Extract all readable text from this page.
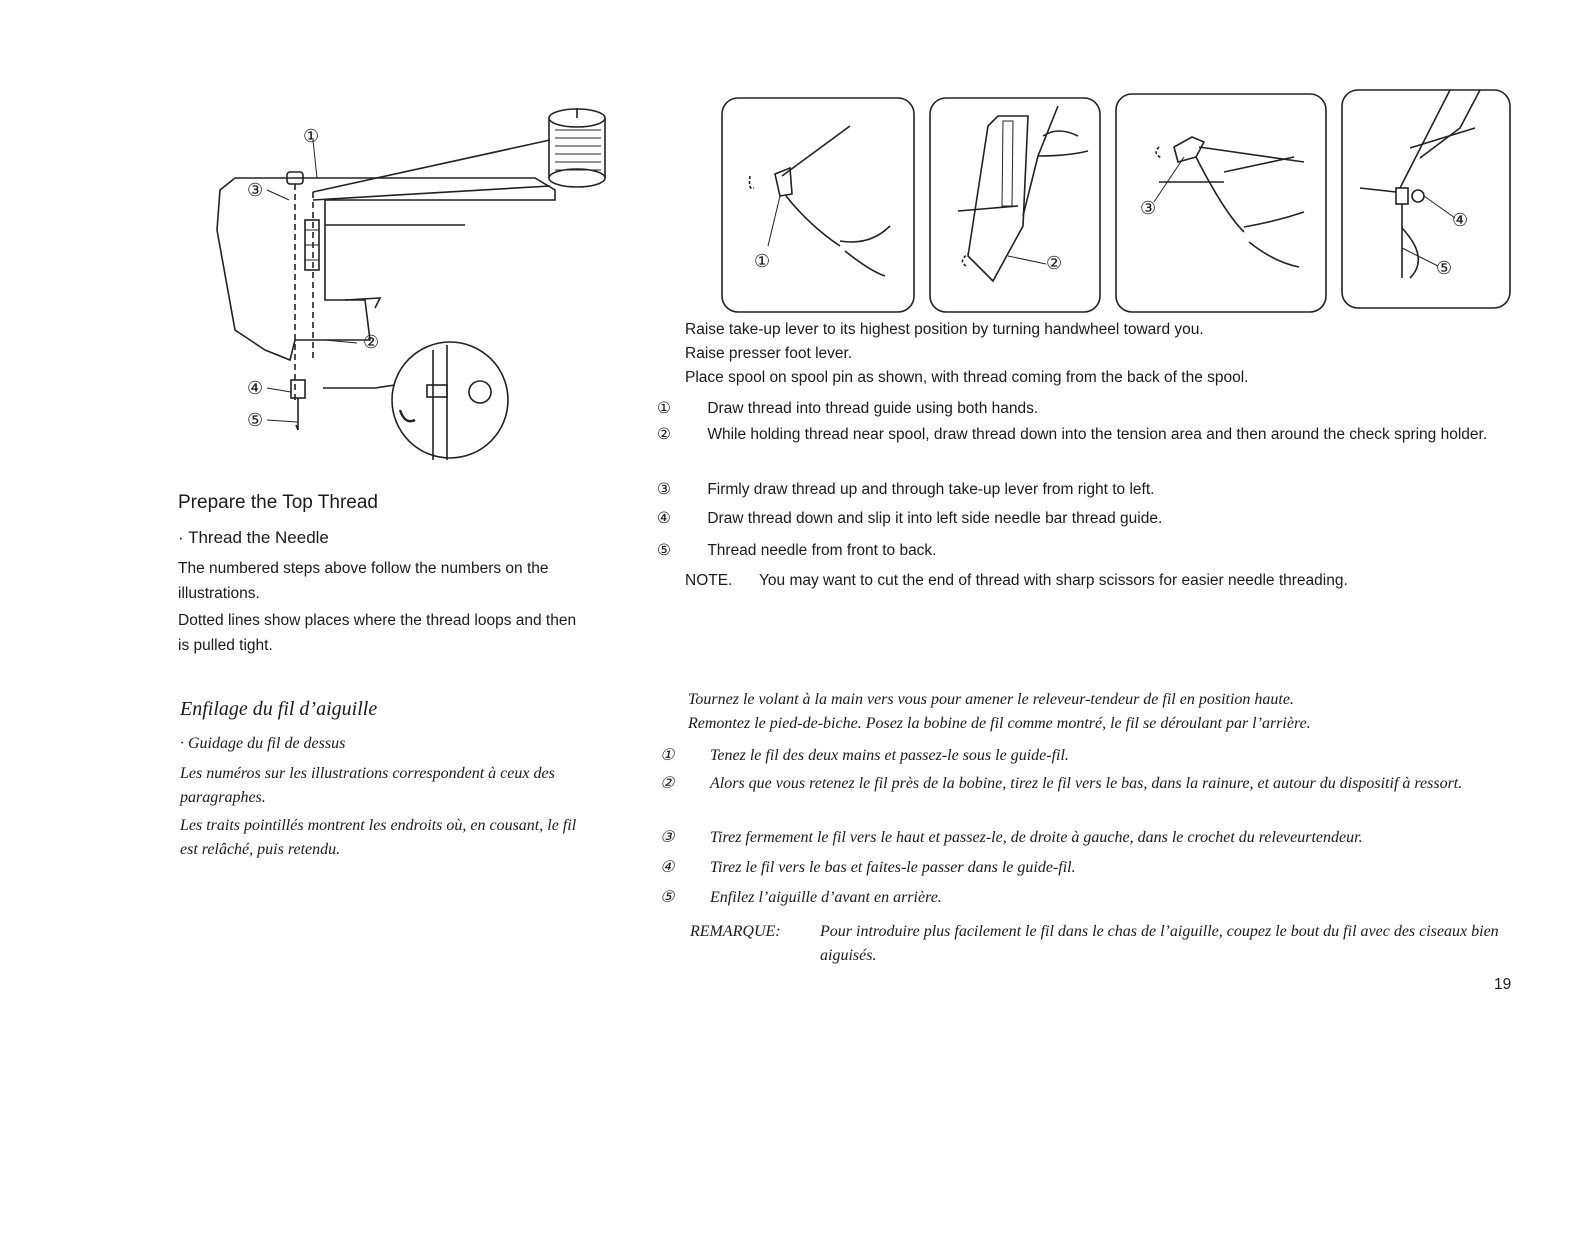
①
③
②
④
⑤
①	②
③
④
⑤
Prepare the Top Thread
· Thread the Needle
The numbered steps above follow the numbers on the illustrations.
Dotted lines show places where the thread loops and then is pulled tight.
Raise take-up lever to its highest position by turning handwheel toward you.
Raise presser foot lever.
Place spool on spool pin as shown, with thread coming from the back of the spool.
① Draw thread into thread guide using both hands.
② While holding thread near spool, draw thread down into the tension area and then around the check spring holder.
③ Firmly draw thread up and through take-up lever from right to left.
④ Draw thread down and slip it into left side needle bar thread guide.
⑤ Thread needle from front to back.
NOTE.	You may want to cut the end of thread with sharp scissors for easier needle threading.
Enfilage du fil d’aiguille
· Guidage du fil de dessus
Les numéros sur les illustrations correspondent à ceux des paragraphes.
Les traits pointillés montrent les endroits où, en cousant, le fil est relâché, puis retendu.
Tournez le volant à la main vers vous pour amener le releveur-tendeur de fil en position haute.
Remontez le pied-de-biche. Posez la bobine de fil comme montré, le fil se déroulant par l’arrière.
① Tenez le fil des deux mains et passez-le sous le guide-fil.
② Alors que vous retenez le fil près de la bobine, tirez le fil vers le bas, dans la rainure, et autour du dispositif à ressort.
③ Tirez fermement le fil vers le haut et passez-le, de droite à gauche, dans le crochet du releveurtendeur.
④ Tirez le fil vers le bas et faites-le passer dans le guide-fil.
⑤ Enfilez l’aiguille d’avant en arrière.
REMARQUE:	Pour introduire plus facilement le fil dans le chas de l’aiguille, coupez le bout du fil avec des ciseaux bien aiguisés.
19
